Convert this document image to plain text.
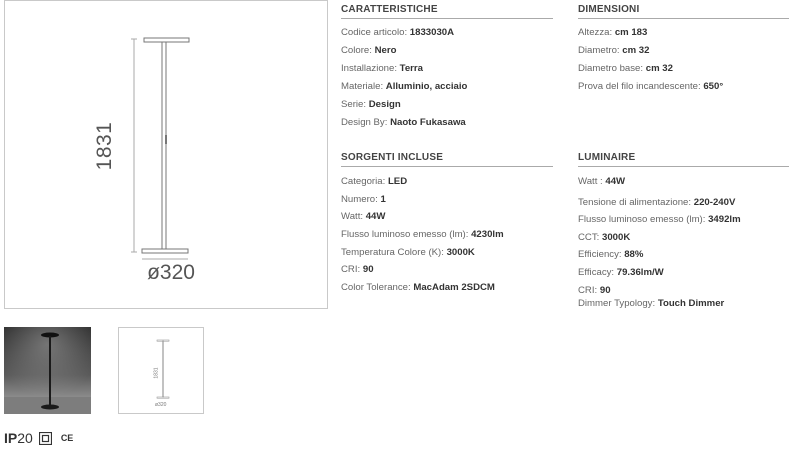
1831
ø320
1831
ø320
IP 20	CE
CARATTERISTICHE
Codice articolo: 1833030A
Colore: Nero
Installazione: Terra
Materiale: Alluminio, acciaio
Serie: Design
Design By: Naoto Fukasawa
DIMENSIONI
Altezza: cm 183
Diametro: cm 32
Diametro base: cm 32
Prova del filo incandescente: 650°
SORGENTI INCLUSE
Categoria: LED
Numero: 1
Watt: 44W
Flusso luminoso emesso (lm): 4230lm
Temperatura Colore (K): 3000K
CRI: 90
Color Tolerance: MacAdam 2SDCM
LUMINAIRE
Watt : 44W
Tensione di alimentazione: 220-240V
Flusso luminoso emesso (lm): 3492lm
CCT: 3000K
Efficiency: 88%
Efficacy: 79.36lm/W
CRI: 90
Dimmer Typology: Touch Dimmer
